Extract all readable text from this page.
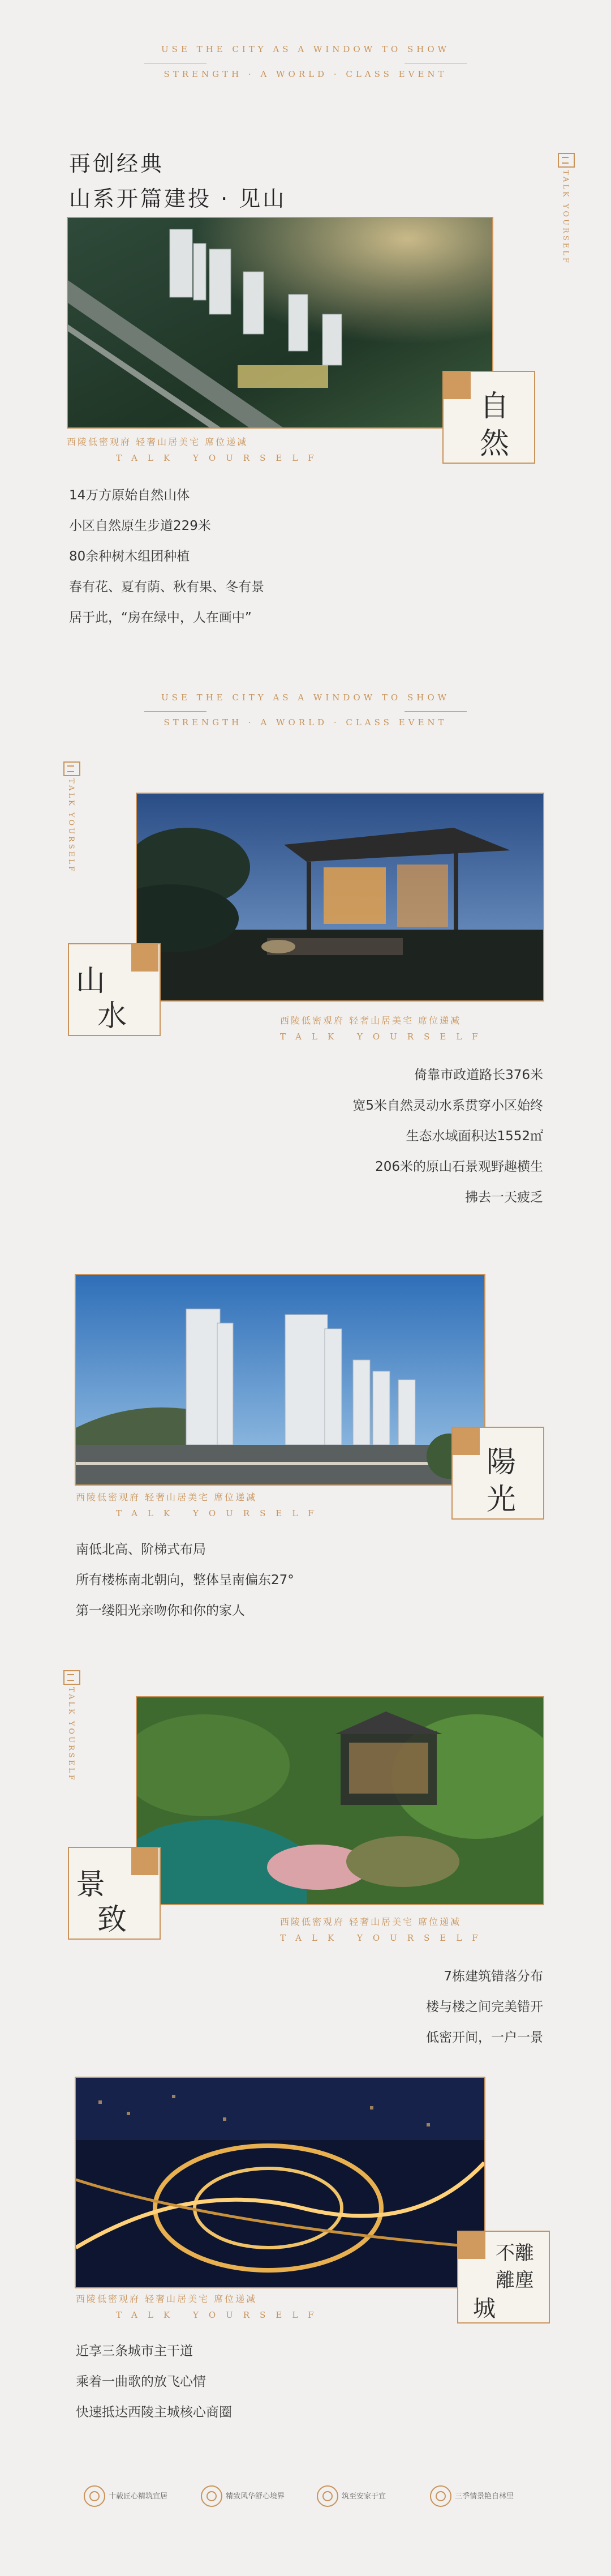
USE THE CITY AS A WINDOW TO SHOW
STRENGTH · A WORLD · CLASS EVENT
再创经典
山系开篇建投 · 见山	TALK YOURSELF
自
然
西陵低密观府 轻奢山居美宅 席位递减
TALK YOURSELF
14万方原始自然山体
小区自然原生步道229米
80余种树木组团种植
春有花、夏有荫、秋有果、冬有景
居于此，“房在绿中，人在画中”
USE THE CITY AS A WINDOW TO SHOW
STRENGTH · A WORLD · CLASS EVENT
TALK YOURSELF
山
水	西陵低密观府 轻奢山居美宅 席位递减
TALK YOURSELF
倚靠市政道路长376米
宽5米自然灵动水系贯穿小区始终
生态水域面积达1552㎡
206米的原山石景观野趣横生
拂去一天疲乏
陽
光
西陵低密观府 轻奢山居美宅 席位递减
TALK YOURSELF
南低北高、阶梯式布局
所有楼栋南北朝向，整体呈南偏东27°
第一缕阳光亲吻你和你的家人
TALK YOURSELF
景
致	西陵低密观府 轻奢山居美宅 席位递减
TALK YOURSELF
7栋建筑错落分布
楼与楼之间完美错开
低密开间，一户一景
不離
離塵
城
西陵低密观府 轻奢山居美宅 席位递减
TALK YOURSELF
近享三条城市主干道
乘着一曲歌的放飞心情
快速抵达西陵主城核心商圈
十载匠心精筑宜居	精致风华舒心境界	筑至安家于宜	三季情景艳自林里
